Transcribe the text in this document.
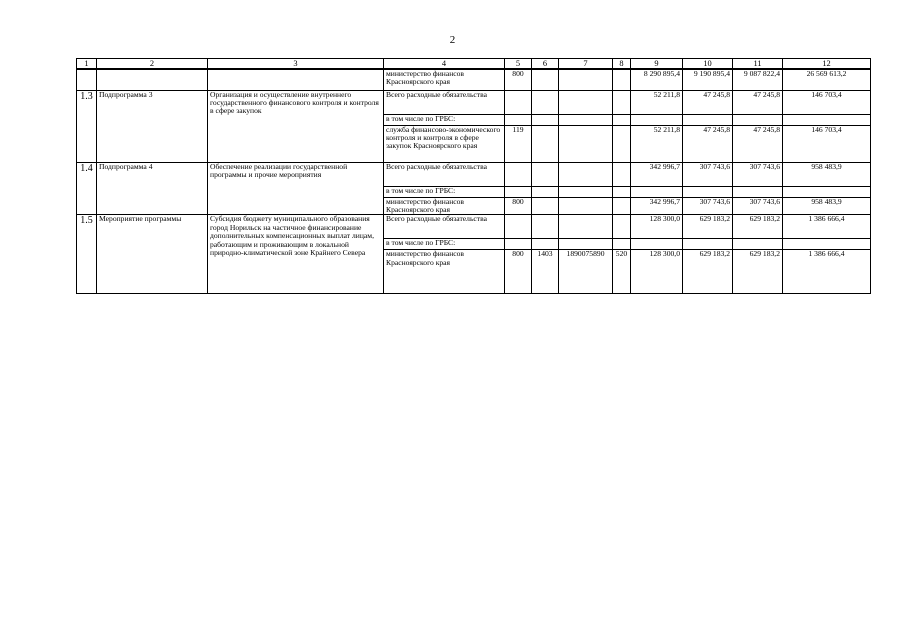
2
1	2	3	4	5	6	7	8	9	10	11	12
			министерство финансов Красноярского края	800				8 290 895,4	9 190 895,4	9 087 822,4	26 569 613,2
1.3	Подпрограмма 3	Организация и осуществление внутреннего государственного финансового контроля и контроля в сфере закупок	Всего расходные обязательства					52 211,8	47 245,8	47 245,8	146 703,4
			в том числе по ГРБС:								
			служба финансово-экономического контроля и контроля в сфере закупок Красноярского края	119				52 211,8	47 245,8	47 245,8	146 703,4
1.4	Подпрограмма 4	Обеспечение реализации государственной программы и прочие мероприятия	Всего расходные обязательства					342 996,7	307 743,6	307 743,6	958 483,9
			в том числе по ГРБС:								
			министерство финансов Красноярского края	800				342 996,7	307 743,6	307 743,6	958 483,9
1.5	Мероприятие программы	Субсидия бюджету муниципального образования город Норильск на частичное финансирование дополнительных компенсационных выплат лицам, работающим и проживающим в локальной природно-климатической зоне Крайнего Севера	Всего расходные обязательства					128 300,0	629 183,2	629 183,2	1 386 666,4
			в том числе по ГРБС:								
			министерство финансов Красноярского края	800	1403	1890075890	520	128 300,0	629 183,2	629 183,2	1 386 666,4
